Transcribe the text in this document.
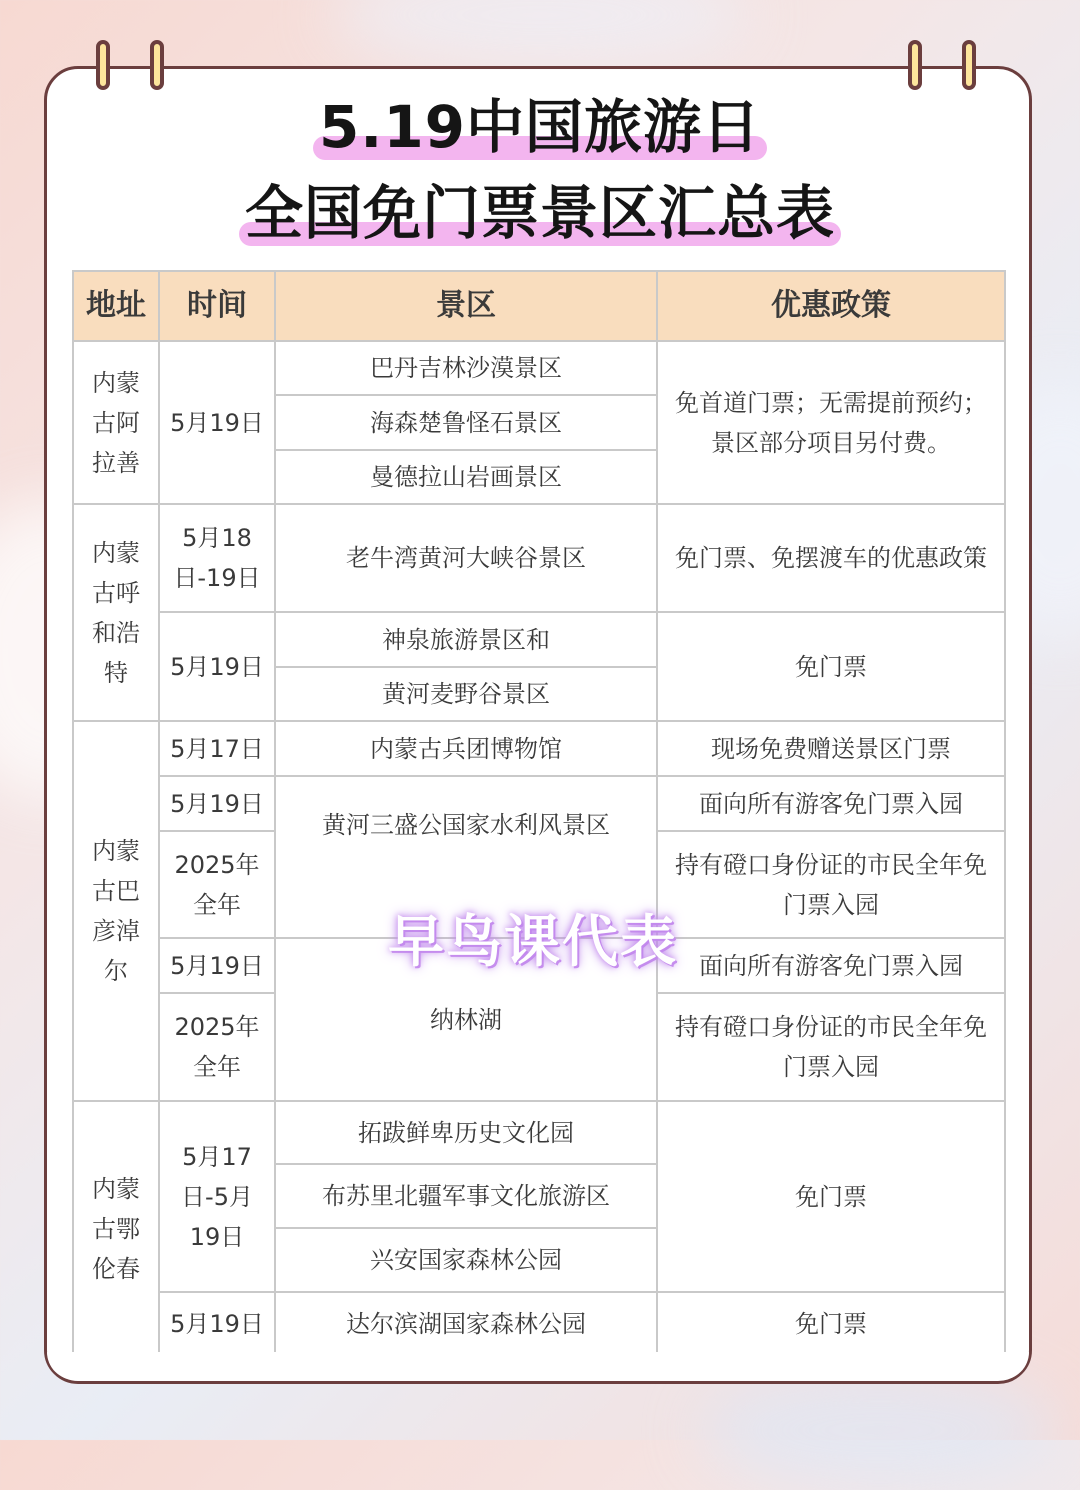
5.19中国旅游日
全国免门票景区汇总表
地址	时间	景区	优惠政策
内蒙古阿拉善	5月19日	巴丹吉林沙漠景区	免首道门票；无需提前预约；景区部分项目另付费。
		海森楚鲁怪石景区	
		曼德拉山岩画景区	
内蒙古呼和浩特	5月18日-19日	老牛湾黄河大峡谷景区	免门票、免摆渡车的优惠政策
	5月19日	神泉旅游景区和	免门票
		黄河麦野谷景区	
内蒙古巴彦淖尔	5月17日	内蒙古兵团博物馆	现场免费赠送景区门票
	5月19日	黄河三盛公国家水利风景区	面向所有游客免门票入园
	2025年全年		持有磴口身份证的市民全年免门票入园
	5月19日	纳林湖	面向所有游客免门票入园
	2025年全年		持有磴口身份证的市民全年免门票入园
内蒙古鄂伦春	5月17日-5月19日	拓跋鲜卑历史文化园	免门票
		布苏里北疆军事文化旅游区	
		兴安国家森林公园	
	5月19日	达尔滨湖国家森林公园	免门票
早鸟课代表
